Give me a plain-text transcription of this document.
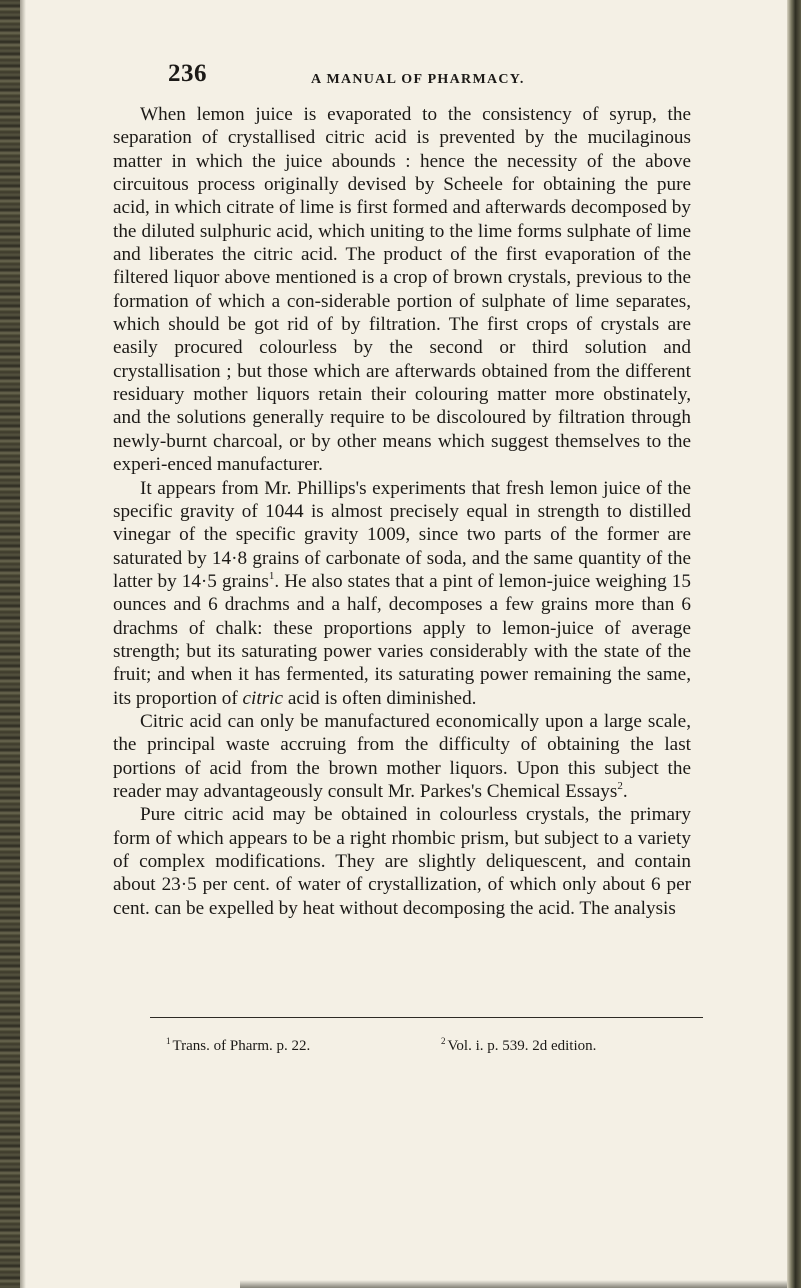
236	A MANUAL OF PHARMACY.

When lemon juice is evaporated to the consistency of syrup, the separation of crystallised citric acid is prevented by the mucilaginous matter in which the juice abounds : hence the necessity of the above circuitous process originally devised by Scheele for obtaining the pure acid, in which citrate of lime is first formed and afterwards decomposed by the diluted sulphuric acid, which uniting to the lime forms sulphate of lime and liberates the citric acid. The product of the first evaporation of the filtered liquor above mentioned is a crop of brown crystals, previous to the formation of which a con-siderable portion of sulphate of lime separates, which should be got rid of by filtration. The first crops of crystals are easily procured colourless by the second or third solution and crystallisation ; but those which are afterwards obtained from the different residuary mother liquors retain their colouring matter more obstinately, and the solutions generally require to be discoloured by filtration through newly-burnt charcoal, or by other means which suggest themselves to the experi-enced manufacturer.

It appears from Mr. Phillips's experiments that fresh lemon juice of the specific gravity of 1044 is almost precisely equal in strength to distilled vinegar of the specific gravity 1009, since two parts of the former are saturated by 14·8 grains of carbonate of soda, and the same quantity of the latter by 14·5 grains$^1$. He also states that a pint of lemon-juice weighing 15 ounces and 6 drachms and a half, decomposes a few grains more than 6 drachms of chalk: these proportions apply to lemon-juice of average strength; but its saturating power varies considerably with the state of the fruit; and when it has fermented, its saturating power remaining the same, its proportion of citric acid is often diminished.

Citric acid can only be manufactured economically upon a large scale, the principal waste accruing from the difficulty of obtaining the last portions of acid from the brown mother liquors. Upon this subject the reader may advantageously consult Mr. Parkes's Chemical Essays$^2$.

Pure citric acid may be obtained in colourless crystals, the primary form of which appears to be a right rhombic prism, but subject to a variety of complex modifications. They are slightly deliquescent, and contain about 23·5 per cent. of water of crystallization, of which only about 6 per cent. can be expelled by heat without decomposing the acid. The analysis

$^1$ Trans. of Pharm. p. 22.	$^2$ Vol. i. p. 539. 2d edition.
